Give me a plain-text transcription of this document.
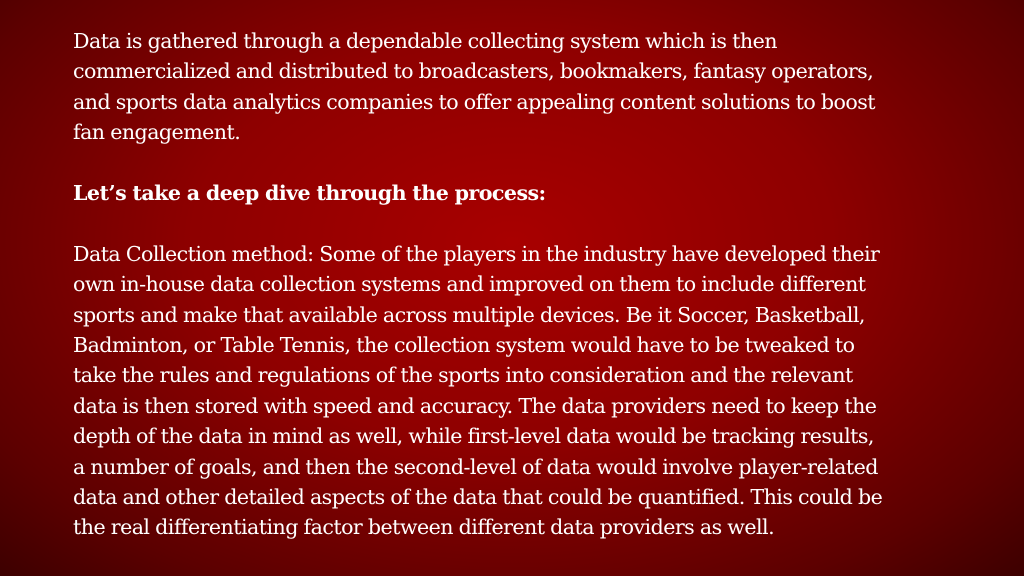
Data is gathered through a dependable collecting system which is then
commercialized and distributed to broadcasters, bookmakers, fantasy operators,
and sports data analytics companies to offer appealing content solutions to boost
fan engagement.

Let’s take a deep dive through the process:

Data Collection method: Some of the players in the industry have developed their
own in-house data collection systems and improved on them to include different
sports and make that available across multiple devices. Be it Soccer, Basketball,
Badminton, or Table Tennis, the collection system would have to be tweaked to
take the rules and regulations of the sports into consideration and the relevant
data is then stored with speed and accuracy. The data providers need to keep the
depth of the data in mind as well, while first-level data would be tracking results,
a number of goals, and then the second-level of data would involve player-related
data and other detailed aspects of the data that could be quantified. This could be
the real differentiating factor between different data providers as well.
